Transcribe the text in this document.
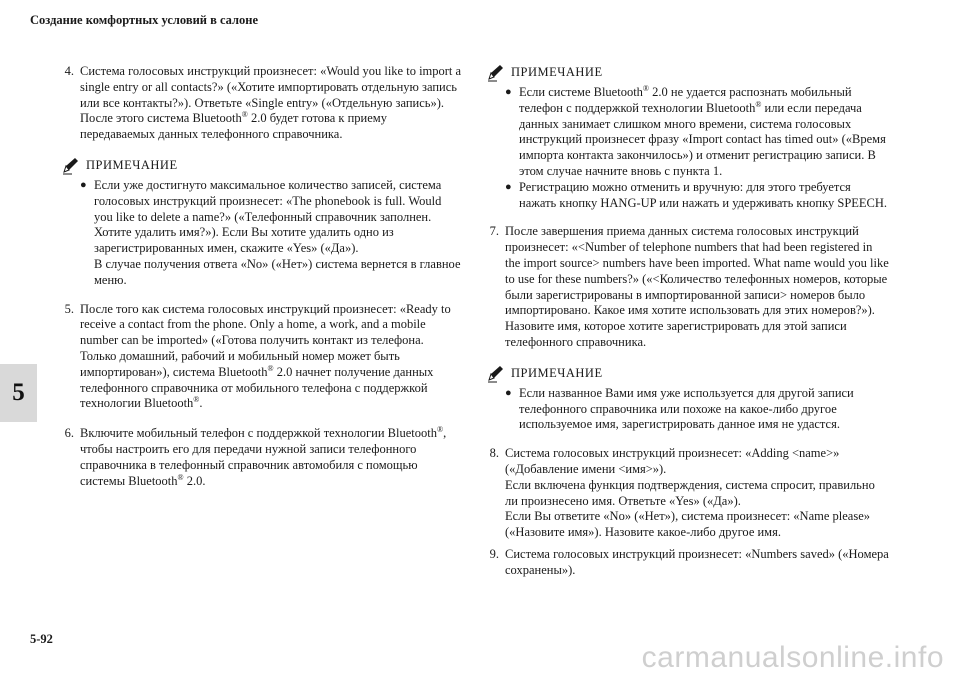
Создание комфортных условий в салоне
5
5-92
4. Система голосовых инструкций произнесет: «Would you like to import a single entry or all contacts?» («Хотите импортировать отдельную запись или все контакты?»). Ответьте «Single entry» («Отдельную запись»).
После этого система Bluetooth® 2.0 будет готова к приему передаваемых данных телефонного справочника.
ПРИМЕЧАНИЕ
● Если уже достигнуто максимальное количество записей, система голосовых инструкций произнесет: «The phonebook is full. Would you like to delete a name?» («Телефонный справочник заполнен. Хотите удалить имя?»). Если Вы хотите удалить одно из зарегистрированных имен, скажите «Yes» («Да»).
В случае получения ответа «No» («Нет») система вернется в главное меню.
5. После того как система голосовых инструкций произнесет: «Ready to receive a contact from the phone. Only a home, a work, and a mobile number can be imported» («Готова получить контакт из телефона. Только домашний, рабочий и мобильный номер может быть импортирован»), система Bluetooth® 2.0 начнет получение данных телефонного справочника от мобильного телефона с поддержкой технологии Bluetooth®.
6. Включите мобильный телефон с поддержкой технологии Bluetooth®, чтобы настроить его для передачи нужной записи телефонного справочника в телефонный справочник автомобиля с помощью системы Bluetooth® 2.0.
ПРИМЕЧАНИЕ
● Если системе Bluetooth® 2.0 не удается распознать мобильный телефон с поддержкой технологии Bluetooth® или если передача данных занимает слишком много времени, система голосовых инструкций произнесет фразу «Import contact has timed out» («Время импорта контакта закончилось») и отменит регистрацию записи. В этом случае начните вновь с пункта 1.
● Регистрацию можно отменить и вручную: для этого требуется нажать кнопку HANG-UP или нажать и удерживать кнопку SPEECH.
7. После завершения приема данных система голосовых инструкций произнесет: «<Number of telephone numbers that had been registered in the import source> numbers have been imported. What name would you like to use for these numbers?» («<Количество телефонных номеров, которые были зарегистрированы в импортированной записи> номеров было импортировано. Какое имя хотите использовать для этих номеров?»).
Назовите имя, которое хотите зарегистрировать для этой записи телефонного справочника.
ПРИМЕЧАНИЕ
● Если названное Вами имя уже используется для другой записи телефонного справочника или похоже на какое-либо другое используемое имя, зарегистрировать данное имя не удастся.
8. Система голосовых инструкций произнесет: «Adding <name>» («Добавление имени <имя>»).
Если включена функция подтверждения, система спросит, правильно ли произнесено имя. Ответьте «Yes» («Да»).
Если Вы ответите «No» («Нет»), система произнесет: «Name please» («Назовите имя»). Назовите какое-либо другое имя.
9. Система голосовых инструкций произнесет: «Numbers saved» («Номера сохранены»).
carmanualsonline.info
